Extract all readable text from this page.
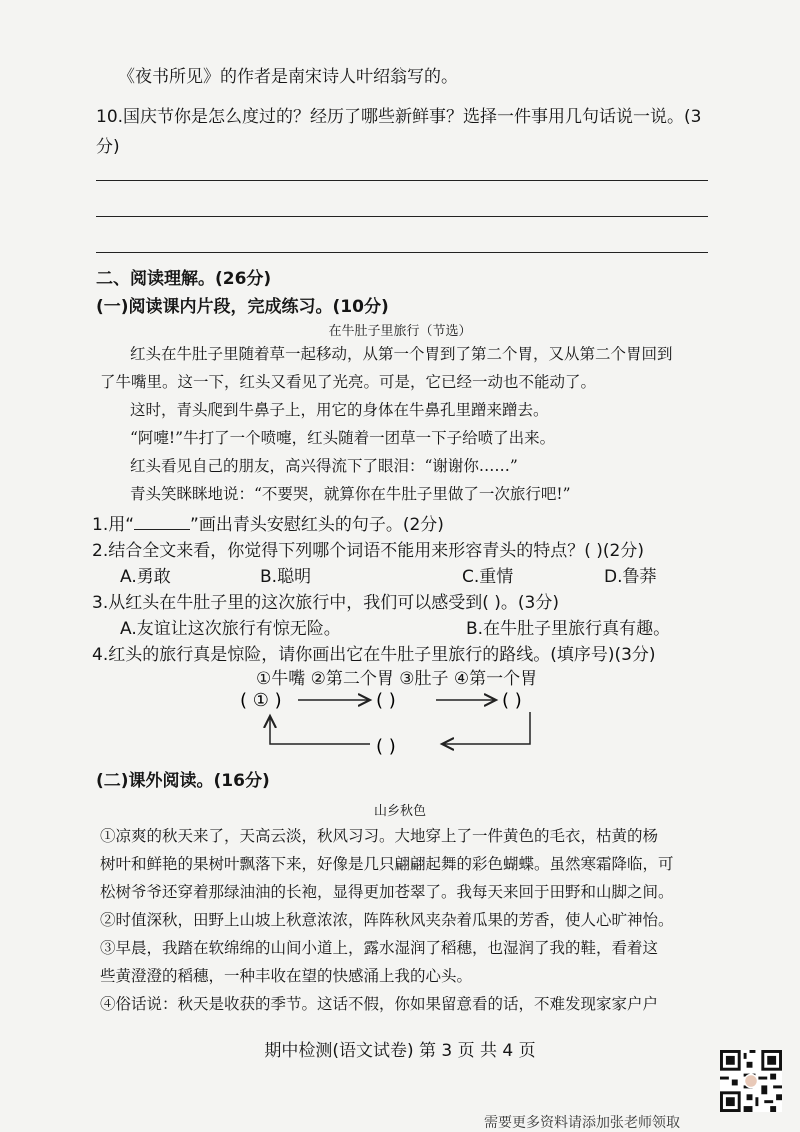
《夜书所见》的作者是南宋诗人叶绍翁写的。
10.国庆节你是怎么度过的？经历了哪些新鲜事？选择一件事用几句话说一说。(3
分)
二、阅读理解。(26分)
(一)阅读课内片段，完成练习。(10分)
在牛肚子里旅行（节选）
红头在牛肚子里随着草一起移动，从第一个胃到了第二个胃，又从第二个胃回到
了牛嘴里。这一下，红头又看见了光亮。可是，它已经一动也不能动了。
这时，青头爬到牛鼻子上，用它的身体在牛鼻孔里蹭来蹭去。
“阿嚏!”牛打了一个喷嚏，红头随着一团草一下子给喷了出来。
红头看见自己的朋友，高兴得流下了眼泪：“谢谢你……”
青头笑眯眯地说：“不要哭，就算你在牛肚子里做了一次旅行吧!”
1.用“	”画出青头安慰红头的句子。(2分)
2.结合全文来看，你觉得下列哪个词语不能用来形容青头的特点？( )(2分)
A.勇敢	B.聪明	C.重情	D.鲁莽
3.从红头在牛肚子里的这次旅行中，我们可以感受到( )。(3分)
A.友谊让这次旅行有惊无险。	B.在牛肚子里旅行真有趣。
4.红头的旅行真是惊险，请你画出它在牛肚子里旅行的路线。(填序号)(3分)
①牛嘴 ②第二个胃 ③肚子 ④第一个胃
( ① )	( )	( )
( )
(二)课外阅读。(16分)
山乡秋色
①凉爽的秋天来了，天高云淡，秋风习习。大地穿上了一件黄色的毛衣，枯黄的杨
树叶和鲜艳的果树叶飘落下来，好像是几只翩翩起舞的彩色蝴蝶。虽然寒霜降临，可
松树爷爷还穿着那绿油油的长袍，显得更加苍翠了。我每天来回于田野和山脚之间。
②时值深秋，田野上山坡上秋意浓浓，阵阵秋风夹杂着瓜果的芳香，使人心旷神怡。
③早晨，我踏在软绵绵的山间小道上，露水湿润了稻穗，也湿润了我的鞋，看着这
些黄澄澄的稻穗，一种丰收在望的快感涌上我的心头。
④俗话说：秋天是收获的季节。这话不假，你如果留意看的话，不难发现家家户户
期中检测(语文试卷) 第 3 页 共 4 页
需要更多资料请添加张老师领取
